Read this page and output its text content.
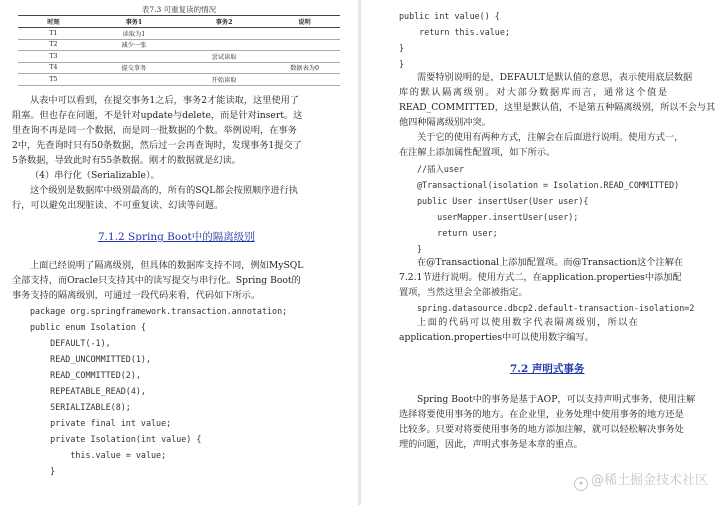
表7.3 可重复读的情况
时刻	事务1	事务2	说明
T1	读取为1		
T2	减少一张		
T3		尝试读取	
T4	提交事务		数据表为0
T5		开始读取	
从表中可以看到，在提交事务1之后，事务2才能读取，这里使用了
阻塞。但也存在问题，不是针对update与delete，而是针对insert。这
里查询不再是同一个数据，而是同一批数据的个数。举例说明，在事务
2中，先查询时只有50条数据，然后过一会再查询时，发现事务1提交了
5条数据，导致此时有55条数据。刚才的数据就是幻读。
（4）串行化（Serializable）。
这个级别是数据库中级别最高的，所有的SQL都会按照顺序进行执
行，可以避免出现脏读、不可重复读、幻读等问题。
7.1.2 Spring Boot中的隔离级别
上面已经说明了隔离级别，但具体的数据库支持不同，例如MySQL
全部支持，而Oracle只支持其中的读写提交与串行化。Spring Boot的
事务支持的隔离级别，可通过一段代码来看，代码如下所示。
package org.springframework.transaction.annotation;
public enum Isolation {
DEFAULT(-1),
READ_UNCOMMITTED(1),
READ_COMMITTED(2),
REPEATABLE_READ(4),
SERIALIZABLE(8);
private final int value;
private Isolation(int value) {
this.value = value;
}
public int value() {
return this.value;
}
}
需要特别说明的是，DEFAULT是默认值的意思，表示使用底层数据
库的默认隔离级别。对大部分数据库而言，通常这个值是
READ_COMMITTED，这里是默认值，不是第五种隔离级别，所以不会与其
他四种隔离级别冲突。
关于它的使用有两种方式，注解会在后面进行说明。使用方式一，
在注解上添加属性配置项，如下所示。
//插入user
@Transactional(isolation = Isolation.READ_COMMITTED)
public User insertUser(User user){
userMapper.insertUser(user);
return user;
}
在@Transactional上添加配置项。而@Transaction这个注解在
7.2.1节进行说明。使用方式二，在application.properties中添加配
置项，当然这里会全部被指定。
spring.datasource.dbcp2.default-transaction-isolation=2
上面的代码可以使用数字代表隔离级别，所以在
application.properties中可以使用数字编写。
7.2 声明式事务
Spring Boot中的事务是基于AOP，可以支持声明式事务，使用注解
选择将要使用事务的地方。在企业里，业务处理中使用事务的地方还是
比较多。只要对将要使用事务的地方添加注解，就可以轻松解决事务处
理的问题，因此，声明式事务是本章的重点。
✦ @稀土掘金技术社区
